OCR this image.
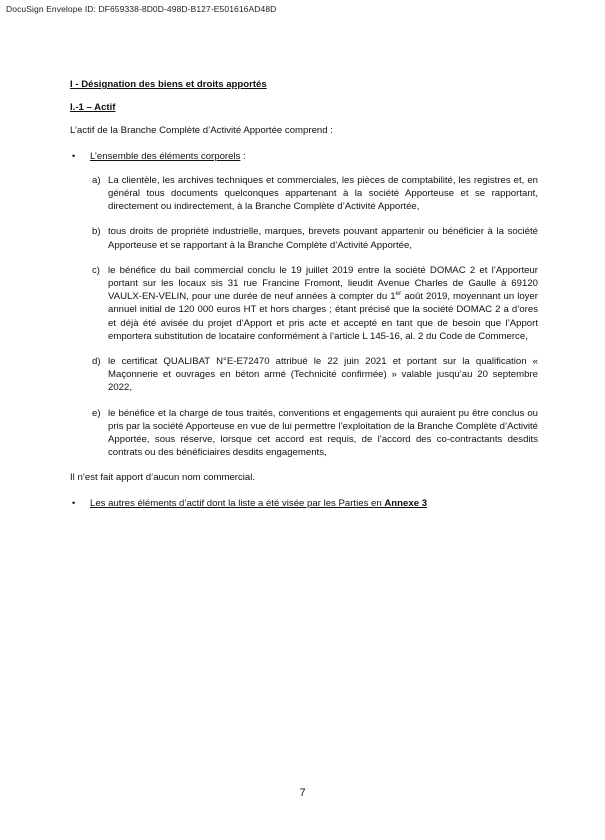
DocuSign Envelope ID: DF659338-8D0D-498D-B127-E501616AD48D
I - Désignation des biens et droits apportés
I.-1 – Actif
L’actif de la Branche Complète d’Activité Apportée comprend :
• L’ensemble des éléments corporels :
a) La clientèle, les archives techniques et commerciales, les pièces de comptabilité, les registres et, en général tous documents quelconques appartenant à la société Apporteuse et se rapportant, directement ou indirectement, à la Branche Complète d’Activité Apportée,
b) tous droits de propriété industrielle, marques, brevets pouvant appartenir ou bénéficier à la société Apporteuse et se rapportant à la Branche Complète d’Activité Apportée,
c) le bénéfice du bail commercial conclu le 19 juillet 2019 entre la société DOMAC 2 et l’Apporteur portant sur les locaux sis 31 rue Francine Fromont, lieudit Avenue Charles de Gaulle à 69120 VAULX-EN-VELIN, pour une durée de neuf années à compter du 1er août 2019, moyennant un loyer annuel initial de 120 000 euros HT et hors charges ; étant précisé que la société DOMAC 2 a d’ores et déjà été avisée du projet d’Apport et pris acte et accepté en tant que de besoin que l’Apport emportera substitution de locataire conformément à l’article L 145-16, al. 2 du Code de Commerce,
d) le certificat QUALIBAT N°E-E72470 attribué le 22 juin 2021 et portant sur la qualification « Maçonnerie et ouvrages en béton armé (Technicité confirmée) » valable jusqu’au 20 septembre 2022,
e) le bénéfice et la charge de tous traités, conventions et engagements qui auraient pu être conclus ou pris par la société Apporteuse en vue de lui permettre l’exploitation de la Branche Complète d’Activité Apportée, sous réserve, lorsque cet accord est requis, de l’accord des co-contractants desdits contrats ou des bénéficiaires desdits engagements,
Il n’est fait apport d’aucun nom commercial.
• Les autres éléments d’actif dont la liste a été visée par les Parties en Annexe 3
7
